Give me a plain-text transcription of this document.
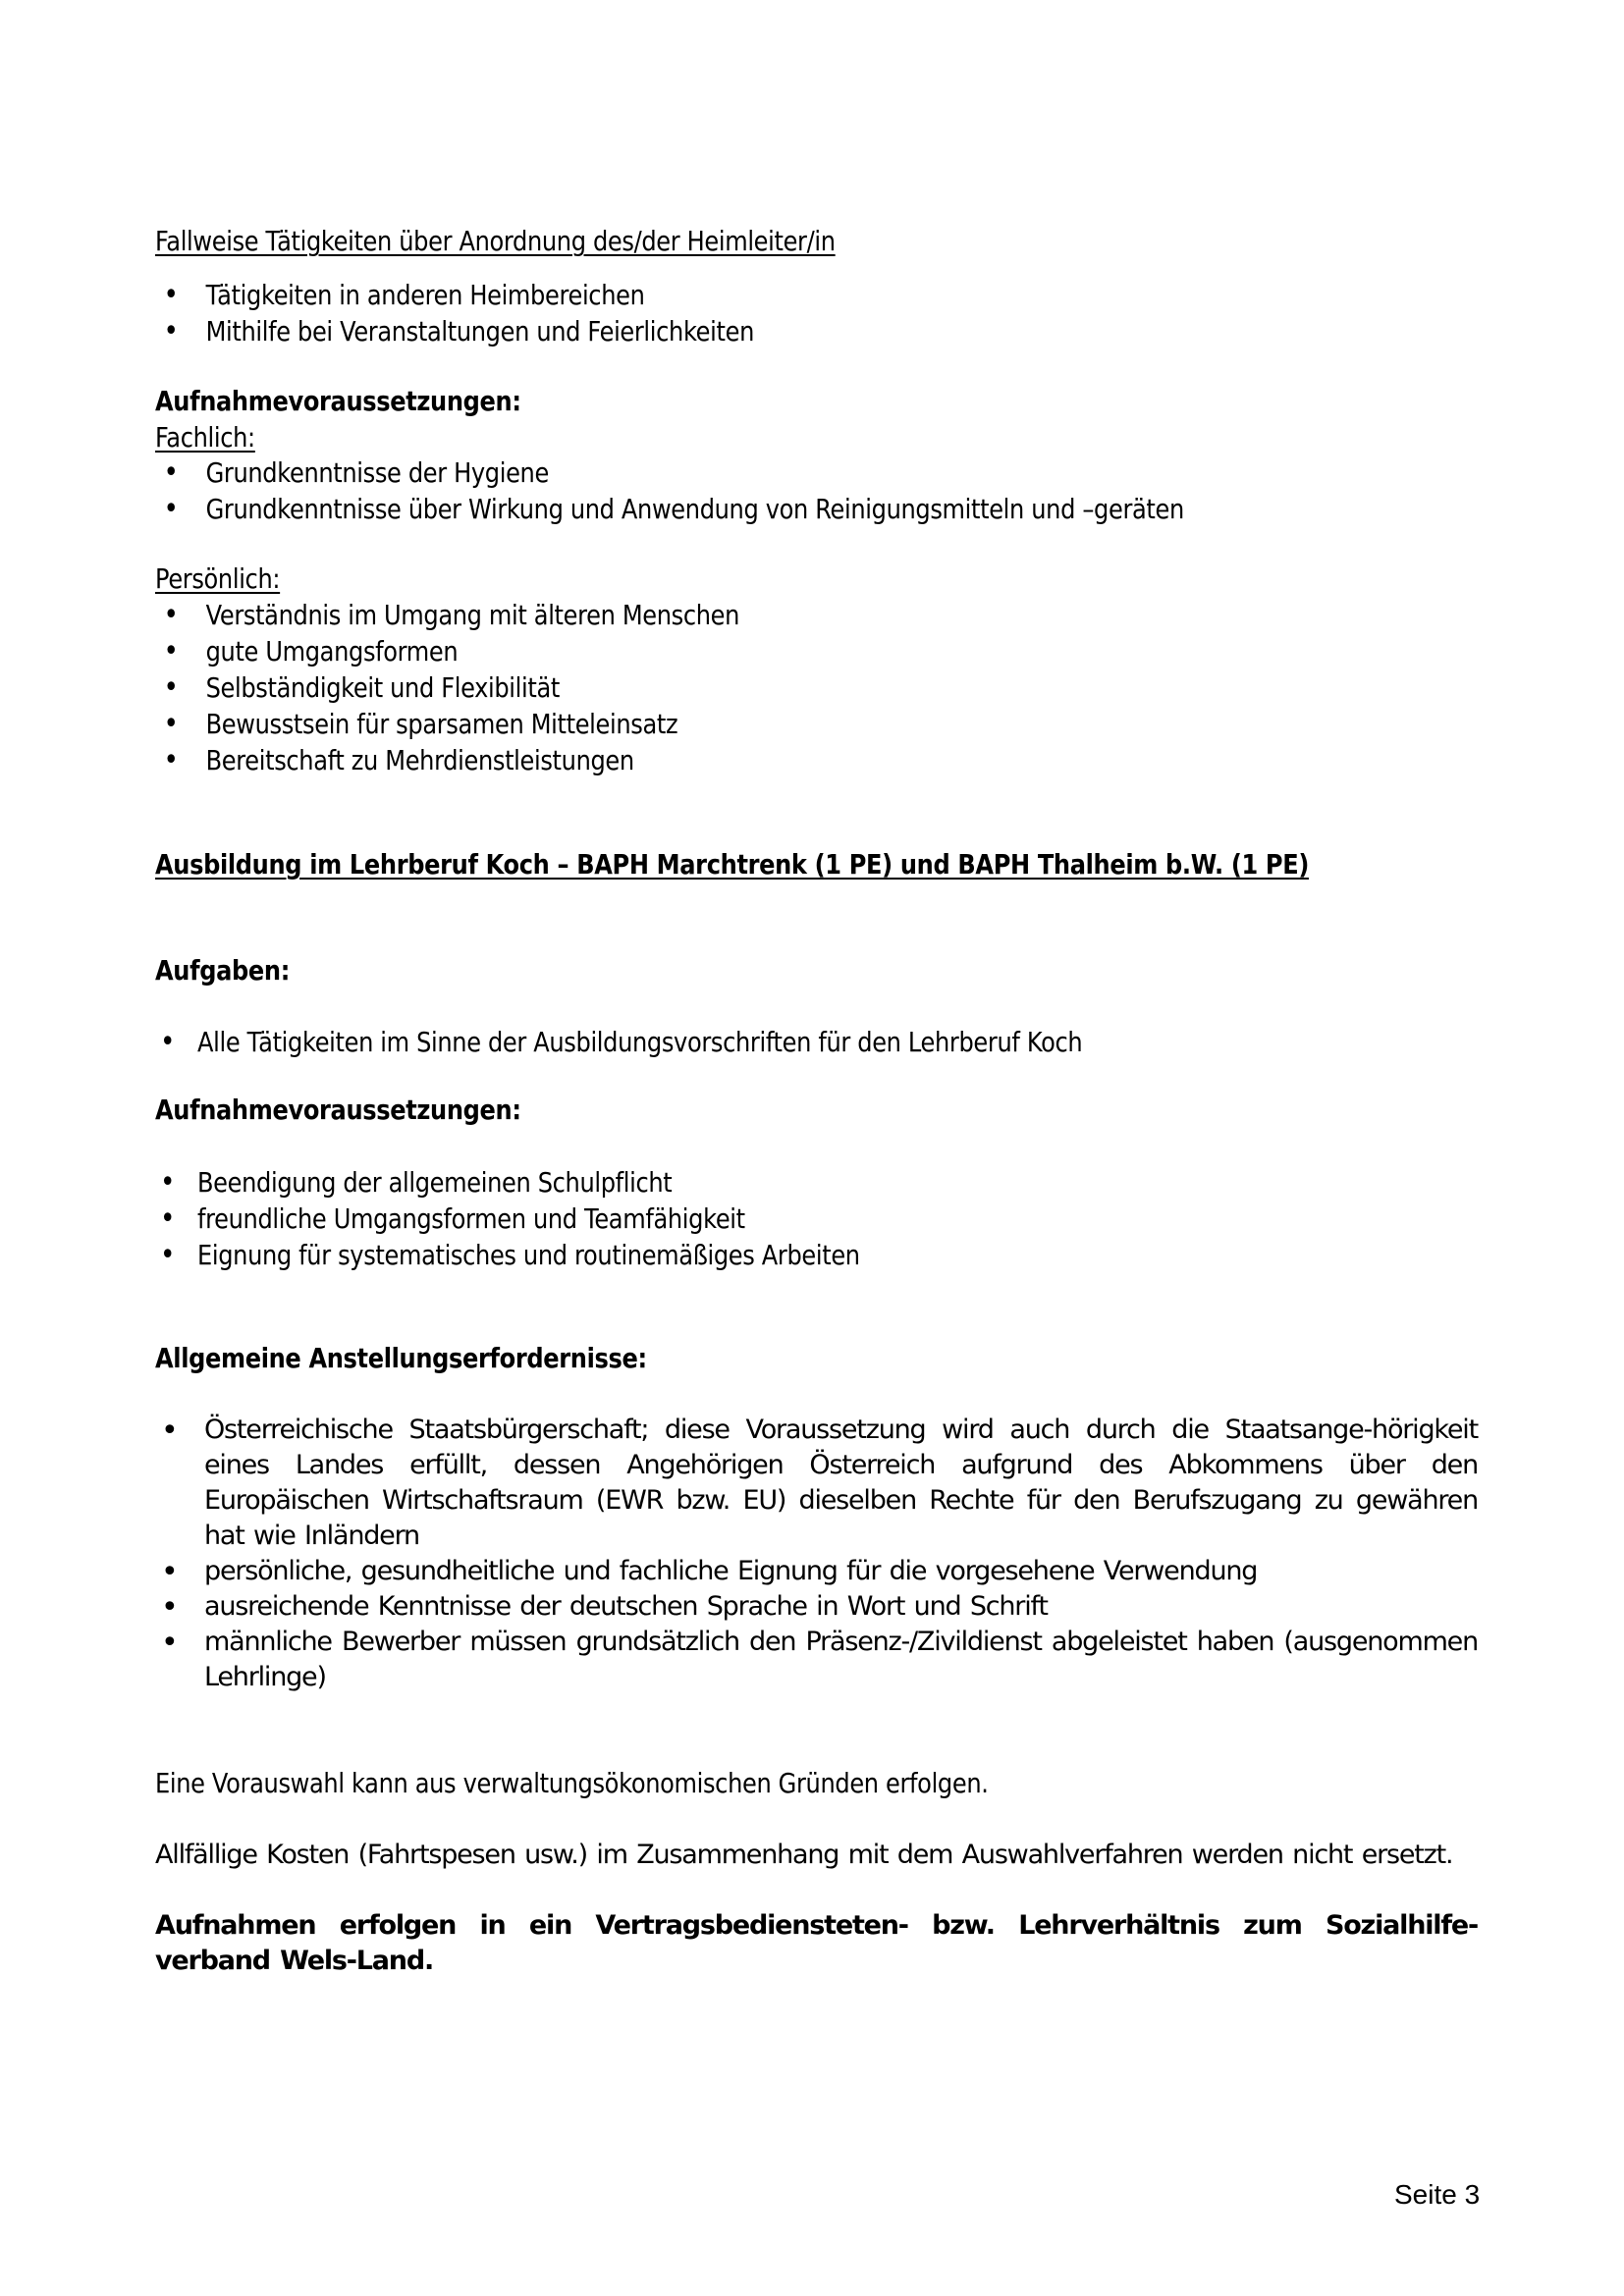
Fallweise Tätigkeiten über Anordnung des/der Heimleiter/in
• Tätigkeiten in anderen Heimbereichen
• Mithilfe bei Veranstaltungen und Feierlichkeiten
Aufnahmevoraussetzungen:
Fachlich:
• Grundkenntnisse der Hygiene
• Grundkenntnisse über Wirkung und Anwendung von Reinigungsmitteln und –geräten
Persönlich:
• Verständnis im Umgang mit älteren Menschen
• gute Umgangsformen
• Selbständigkeit und Flexibilität
• Bewusstsein für sparsamen Mitteleinsatz
• Bereitschaft zu Mehrdienstleistungen
Ausbildung im Lehrberuf Koch – BAPH Marchtrenk (1 PE) und BAPH Thalheim b.W. (1 PE)
Aufgaben:
• Alle Tätigkeiten im Sinne der Ausbildungsvorschriften für den Lehrberuf Koch
Aufnahmevoraussetzungen:
• Beendigung der allgemeinen Schulpflicht
• freundliche Umgangsformen und Teamfähigkeit
• Eignung für systematisches und routinemäßiges Arbeiten
Allgemeine Anstellungserfordernisse:
• Österreichische Staatsbürgerschaft; diese Voraussetzung wird auch durch die Staatsange-hörigkeit eines Landes erfüllt, dessen Angehörigen Österreich aufgrund des Abkommens über den Europäischen Wirtschaftsraum (EWR bzw. EU) dieselben Rechte für den Berufszugang zu gewähren hat wie Inländern
• persönliche, gesundheitliche und fachliche Eignung für die vorgesehene Verwendung
• ausreichende Kenntnisse der deutschen Sprache in Wort und Schrift
• männliche Bewerber müssen grundsätzlich den Präsenz-/Zivildienst abgeleistet haben (ausgenommen Lehrlinge)
Eine Vorauswahl kann aus verwaltungsökonomischen Gründen erfolgen.
Allfällige Kosten (Fahrtspesen usw.) im Zusammenhang mit dem Auswahlverfahren werden nicht ersetzt.
Aufnahmen erfolgen in ein Vertragsbediensteten- bzw. Lehrverhältnis zum Sozialhilfe-verband Wels-Land.
Seite 3
